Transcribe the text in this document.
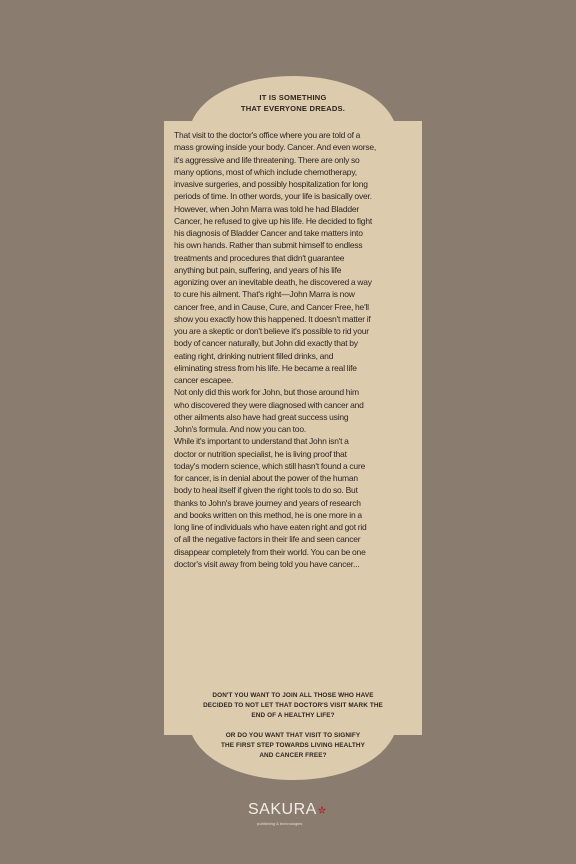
IT IS SOMETHING
THAT EVERYONE DREADS.
That visit to the doctor's office where you are told of a
mass growing inside your body. Cancer. And even worse,
it's aggressive and life threatening. There are only so
many options, most of which include chemotherapy,
invasive surgeries, and possibly hospitalization for long
periods of time. In other words, your life is basically over.
However, when John Marra was told he had Bladder
Cancer, he refused to give up his life. He decided to fight
his diagnosis of Bladder Cancer and take matters into
his own hands. Rather than submit himself to endless
treatments and procedures that didn't guarantee
anything but pain, suffering, and years of his life
agonizing over an inevitable death, he discovered a way
to cure his ailment. That's right—John Marra is now
cancer free, and in Cause, Cure, and Cancer Free, he'll
show you exactly how this happened. It doesn't matter if
you are a skeptic or don't believe it's possible to rid your
body of cancer naturally, but John did exactly that by
eating right, drinking nutrient filled drinks, and
eliminating stress from his life. He became a real life
cancer escapee.
Not only did this work for John, but those around him
who discovered they were diagnosed with cancer and
other ailments also have had great success using
John's formula. And now you can too.
While it's important to understand that John isn't a
doctor or nutrition specialist, he is living proof that
today's modern science, which still hasn't found a cure
for cancer, is in denial about the power of the human
body to heal itself if given the right tools to do so. But
thanks to John's brave journey and years of research
and books written on this method, he is one more in a
long line of individuals who have eaten right and got rid
of all the negative factors in their life and seen cancer
disappear completely from their world. You can be one
doctor's visit away from being told you have cancer...
DON'T YOU WANT TO JOIN ALL THOSE WHO HAVE
DECIDED TO NOT LET THAT DOCTOR'S VISIT MARK THE
END OF A HEALTHY LIFE?
OR DO YOU WANT THAT VISIT TO SIGNIFY
THE FIRST STEP TOWARDS LIVING HEALTHY
AND CANCER FREE?
SAKURA
publishing & technologies
